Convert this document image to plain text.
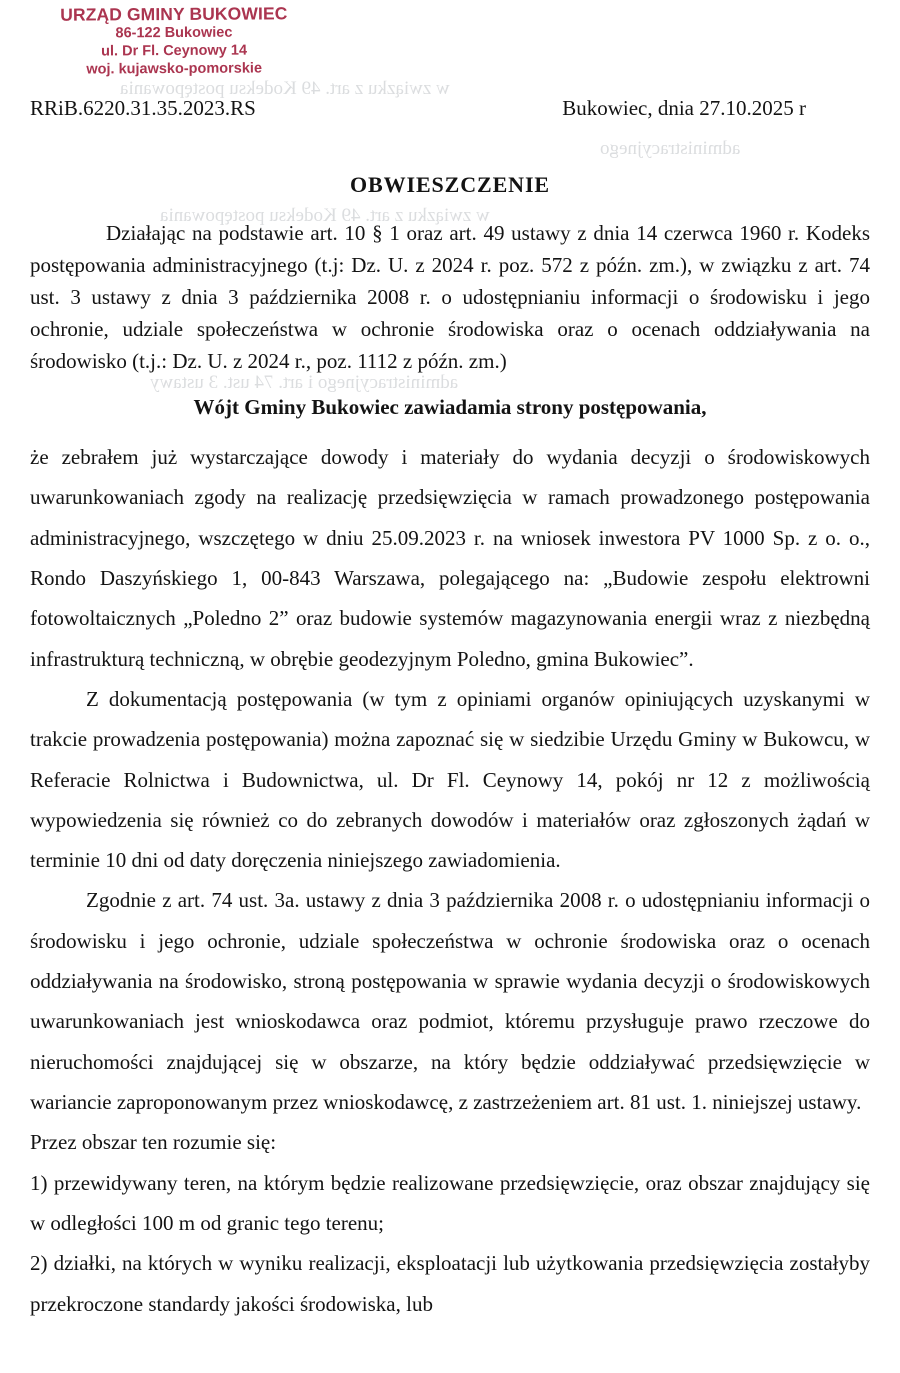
w związku z art. 49 Kodeksu postępowania
administracyjnego
w związku z art. 49 Kodeksu postępowania
administracyjnego i art. 74 ust. 3 ustawy
URZĄD GMINY BUKOWIEC
86-122 Bukowiec
ul. Dr Fl. Ceynowy 14
woj. kujawsko-pomorskie
RRiB.6220.31.35.2023.RS	Bukowiec, dnia 27.10.2025 r
OBWIESZCZENIE

Działając na podstawie art. 10 § 1 oraz art. 49 ustawy z dnia 14 czerwca 1960 r. Kodeks postępowania administracyjnego (t.j: Dz. U. z 2024 r. poz. 572 z późn. zm.), w związku z art. 74 ust. 3 ustawy z dnia 3 października 2008 r. o udostępnianiu informacji o środowisku i jego ochronie, udziale społeczeństwa w ochronie środowiska oraz o ocenach oddziaływania na środowisko (t.j.: Dz. U. z 2024 r., poz. 1112 z późn. zm.)

Wójt Gminy Bukowiec zawiadamia strony postępowania,

że zebrałem już wystarczające dowody i materiały do wydania decyzji o środowiskowych uwarunkowaniach zgody na realizację przedsięwzięcia w ramach prowadzonego postępowania administracyjnego, wszczętego w dniu 25.09.2023 r. na wniosek inwestora PV 1000 Sp. z o. o., Rondo Daszyńskiego 1, 00-843 Warszawa, polegającego na: „Budowie zespołu elektrowni fotowoltaicznych „Poledno 2” oraz budowie systemów magazynowania energii wraz z niezbędną infrastrukturą techniczną, w obrębie geodezyjnym Poledno, gmina Bukowiec”.

Z dokumentacją postępowania (w tym z opiniami organów opiniujących uzyskanymi w trakcie prowadzenia postępowania) można zapoznać się w siedzibie Urzędu Gminy w Bukowcu, w Referacie Rolnictwa i Budownictwa, ul. Dr Fl. Ceynowy 14, pokój nr 12 z możliwością wypowiedzenia się również co do zebranych dowodów i materiałów oraz zgłoszonych żądań w terminie 10 dni od daty doręczenia niniejszego zawiadomienia.

Zgodnie z art. 74 ust. 3a. ustawy z dnia 3 października 2008 r. o udostępnianiu informacji o środowisku i jego ochronie, udziale społeczeństwa w ochronie środowiska oraz o ocenach oddziaływania na środowisko, stroną postępowania w sprawie wydania decyzji o środowiskowych uwarunkowaniach jest wnioskodawca oraz podmiot, któremu przysługuje prawo rzeczowe do nieruchomości znajdującej się w obszarze, na który będzie oddziaływać przedsięwzięcie w wariancie zaproponowanym przez wnioskodawcę, z zastrzeżeniem art. 81 ust. 1. niniejszej ustawy.

Przez obszar ten rozumie się:

1) przewidywany teren, na którym będzie realizowane przedsięwzięcie, oraz obszar znajdujący się w odległości 100 m od granic tego terenu;

2) działki, na których w wyniku realizacji, eksploatacji lub użytkowania przedsięwzięcia zostałyby przekroczone standardy jakości środowiska, lub
